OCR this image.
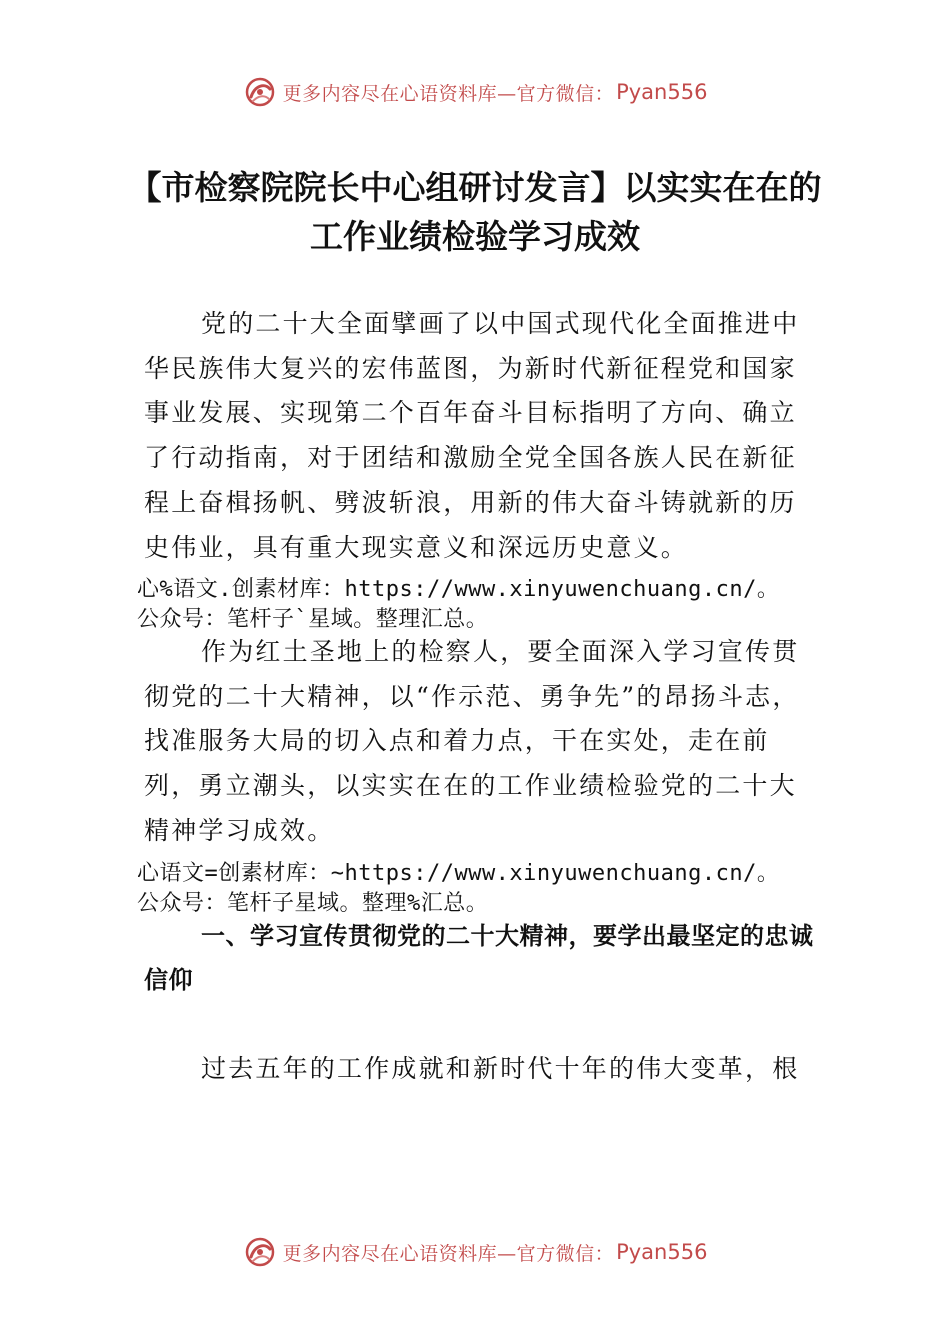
更多内容尽在心语资料库—官方微信： Pyan556
【市检察院院长中心组研讨发言】以实实在在的工作业绩检验学习成效

党的二十大全面擘画了以中国式现代化全面推进中华民族伟大复兴的宏伟蓝图，为新时代新征程党和国家事业发展、实现第二个百年奋斗目标指明了方向、确立了行动指南，对于团结和激励全党全国各族人民在新征程上奋楫扬帆、劈波斩浪，用新的伟大奋斗铸就新的历史伟业，具有重大现实意义和深远历史意义。

心%语文.创素材库：https://www.xinyuwenchuang.cn/。
公众号：笔杆子`星域。整理汇总。

作为红土圣地上的检察人，要全面深入学习宣传贯彻党的二十大精神，以“作示范、勇争先”的昂扬斗志，找准服务大局的切入点和着力点，干在实处，走在前列，勇立潮头，以实实在在的工作业绩检验党的二十大精神学习成效。

心语文=创素材库：~https://www.xinyuwenchuang.cn/。
公众号：笔杆子星域。整理%汇总。
一、学习宣传贯彻党的二十大精神，要学出最坚定的忠诚信仰

过去五年的工作成就和新时代十年的伟大变革，根

更多内容尽在心语资料库—官方微信： Pyan556
